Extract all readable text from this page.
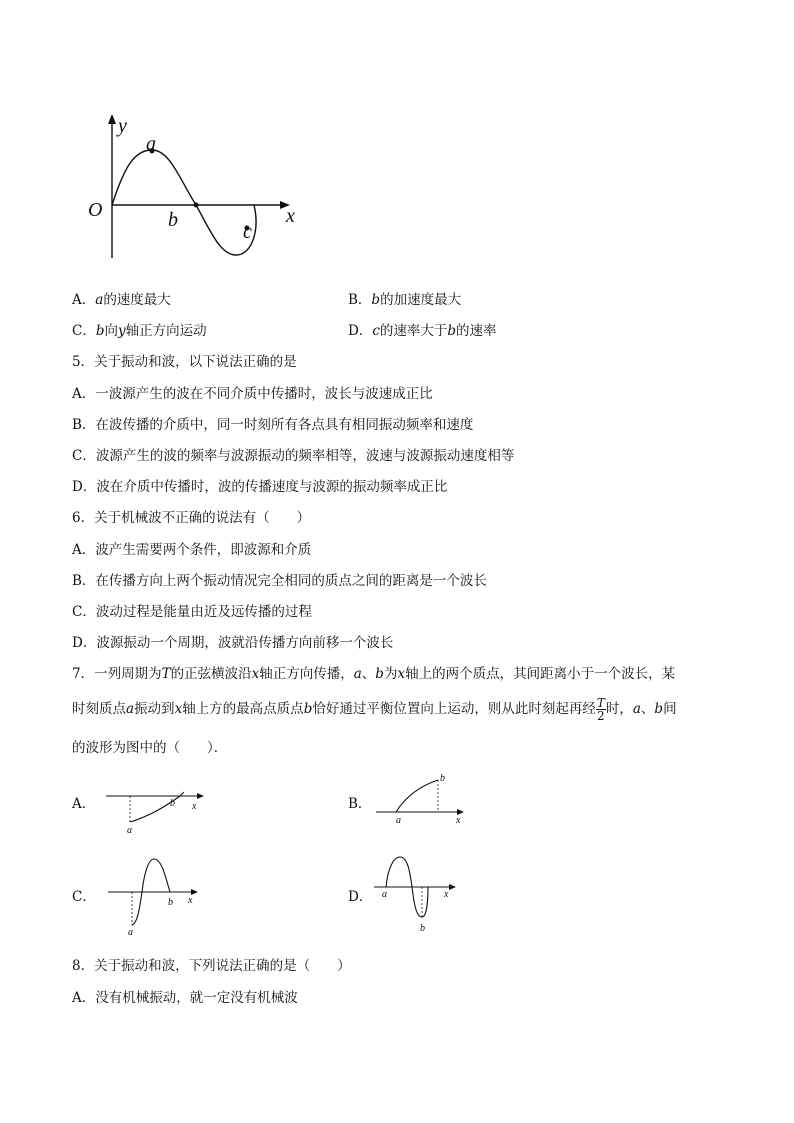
y
a
O	b	x
c
A．a的速度最大	B．b的加速度最大
C．b向y轴正方向运动	D．c的速率大于b的速率
5．关于振动和波，以下说法正确的是
A．一波源产生的波在不同介质中传播时，波长与波速成正比
B．在波传播的介质中，同一时刻所有各点具有相同振动频率和速度
C．波源产生的波的频率与波源振动的频率相等，波速与波源振动速度相等
D．波在介质中传播时，波的传播速度与波源的振动频率成正比
6．关于机械波不正确的说法有（　　）
A．波产生需要两个条件，即波源和介质
B．在传播方向上两个振动情况完全相同的质点之间的距离是一个波长
C．波动过程是能量由近及远传播的过程
D．波源振动一个周期，波就沿传播方向前移一个波长
7．一列周期为T的正弦横波沿x轴正方向传播，a、b为x轴上的两个质点，其间距离小于一个波长，某
时刻质点a振动到x轴上方的最高点质点b恰好通过平衡位置向上运动，则从此时刻起再经 $\frac{T}{2}$ 时，a、b间
的波形为图中的（　　）．
A．
a
b x	B．
b
a	x
C．
a
b x	D． a
b
x
8．关于振动和波，下列说法正确的是（　　）
A．没有机械振动，就一定没有机械波
